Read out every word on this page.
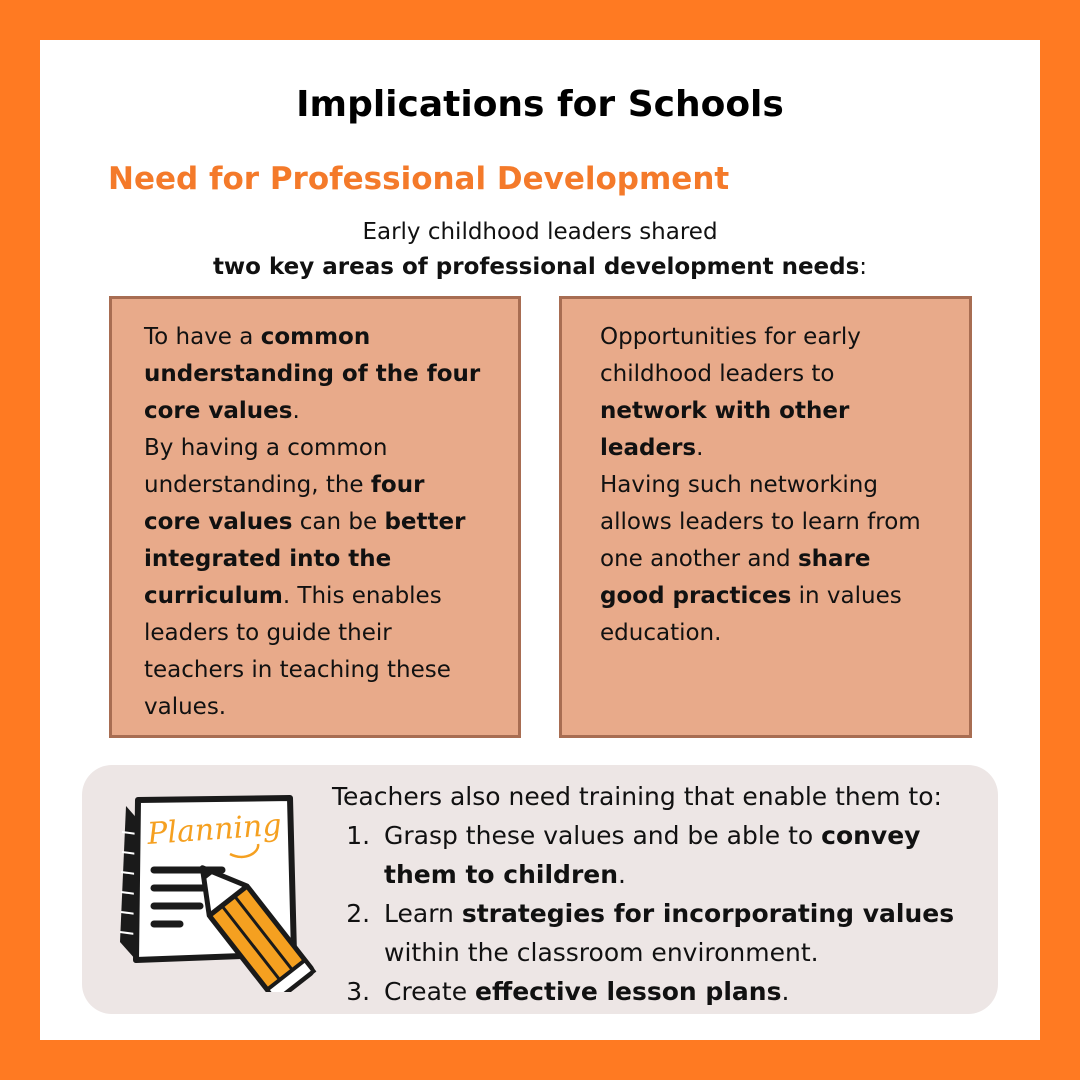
Implications for Schools
Need for Professional Development
Early childhood leaders shared
two key areas of professional development needs:

To have a common understanding of the four core values.

By having a common understanding, the four core values can be better integrated into the curriculum. This enables leaders to guide their teachers in teaching these values.

Opportunities for early childhood leaders to network with other leaders.

Having such networking allows leaders to learn from one another and share good practices in values education.

Planning
Teachers also need training that enable them to:
1. Grasp these values and be able to convey them to children.
2. Learn strategies for incorporating values within the classroom environment.
3. Create effective lesson plans.
